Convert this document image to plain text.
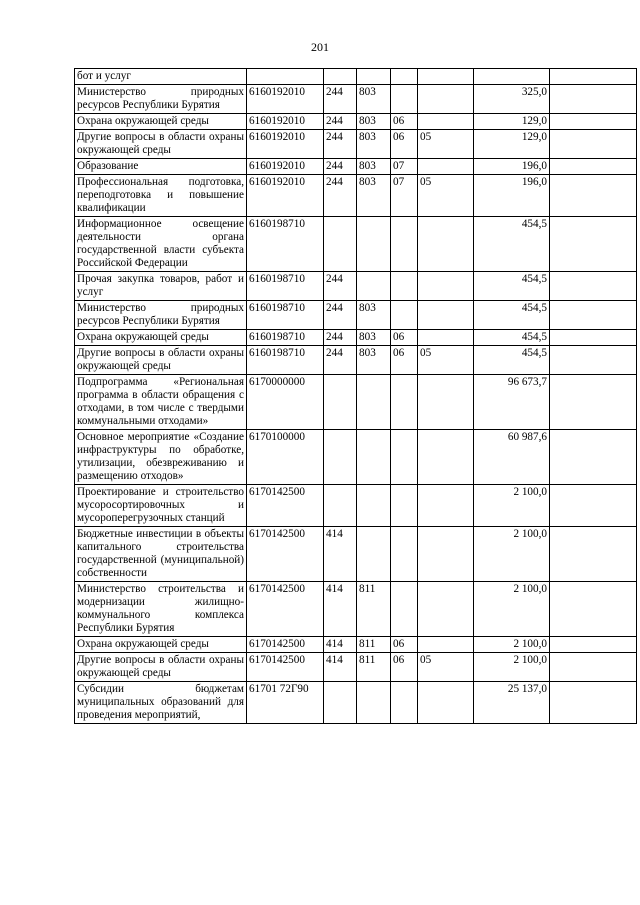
201
бот и услуг							
Министерство природных ресурсов Республики Бурятия	6160192010	244	803			325,0	
Охрана окружающей среды	6160192010	244	803	06		129,0	
Другие вопросы в области охраны окружающей среды	6160192010	244	803	06	05	129,0	
Образование	6160192010	244	803	07		196,0	
Профессиональная подготовка, переподготовка и повышение квалификации	6160192010	244	803	07	05	196,0	
Информационное освещение деятельности органа государственной власти субъекта Российской Федерации	6160198710					454,5	
Прочая закупка товаров, работ и услуг	6160198710	244				454,5	
Министерство природных ресурсов Республики Бурятия	6160198710	244	803			454,5	
Охрана окружающей среды	6160198710	244	803	06		454,5	
Другие вопросы в области охраны окружающей среды	6160198710	244	803	06	05	454,5	
Подпрограмма «Региональная программа в области обращения с отходами, в том числе с твердыми коммунальными отходами»	6170000000					96 673,7	
Основное мероприятие «Создание инфраструктуры по обработке, утилизации, обезвреживанию и размещению отходов»	6170100000					60 987,6	
Проектирование и строительство мусоросортировочных и мусороперегрузочных станций	6170142500					2 100,0	
Бюджетные инвестиции в объекты капитального строительства государственной (муниципальной) собственности	6170142500	414				2 100,0	
Министерство строительства и модернизации жилищно-коммунального комплекса Республики Бурятия	6170142500	414	811			2 100,0	
Охрана окружающей среды	6170142500	414	811	06		2 100,0	
Другие вопросы в области охраны окружающей среды	6170142500	414	811	06	05	2 100,0	
Субсидии бюджетам муниципальных образований для проведения мероприятий,	61701 72Г90					25 137,0	
